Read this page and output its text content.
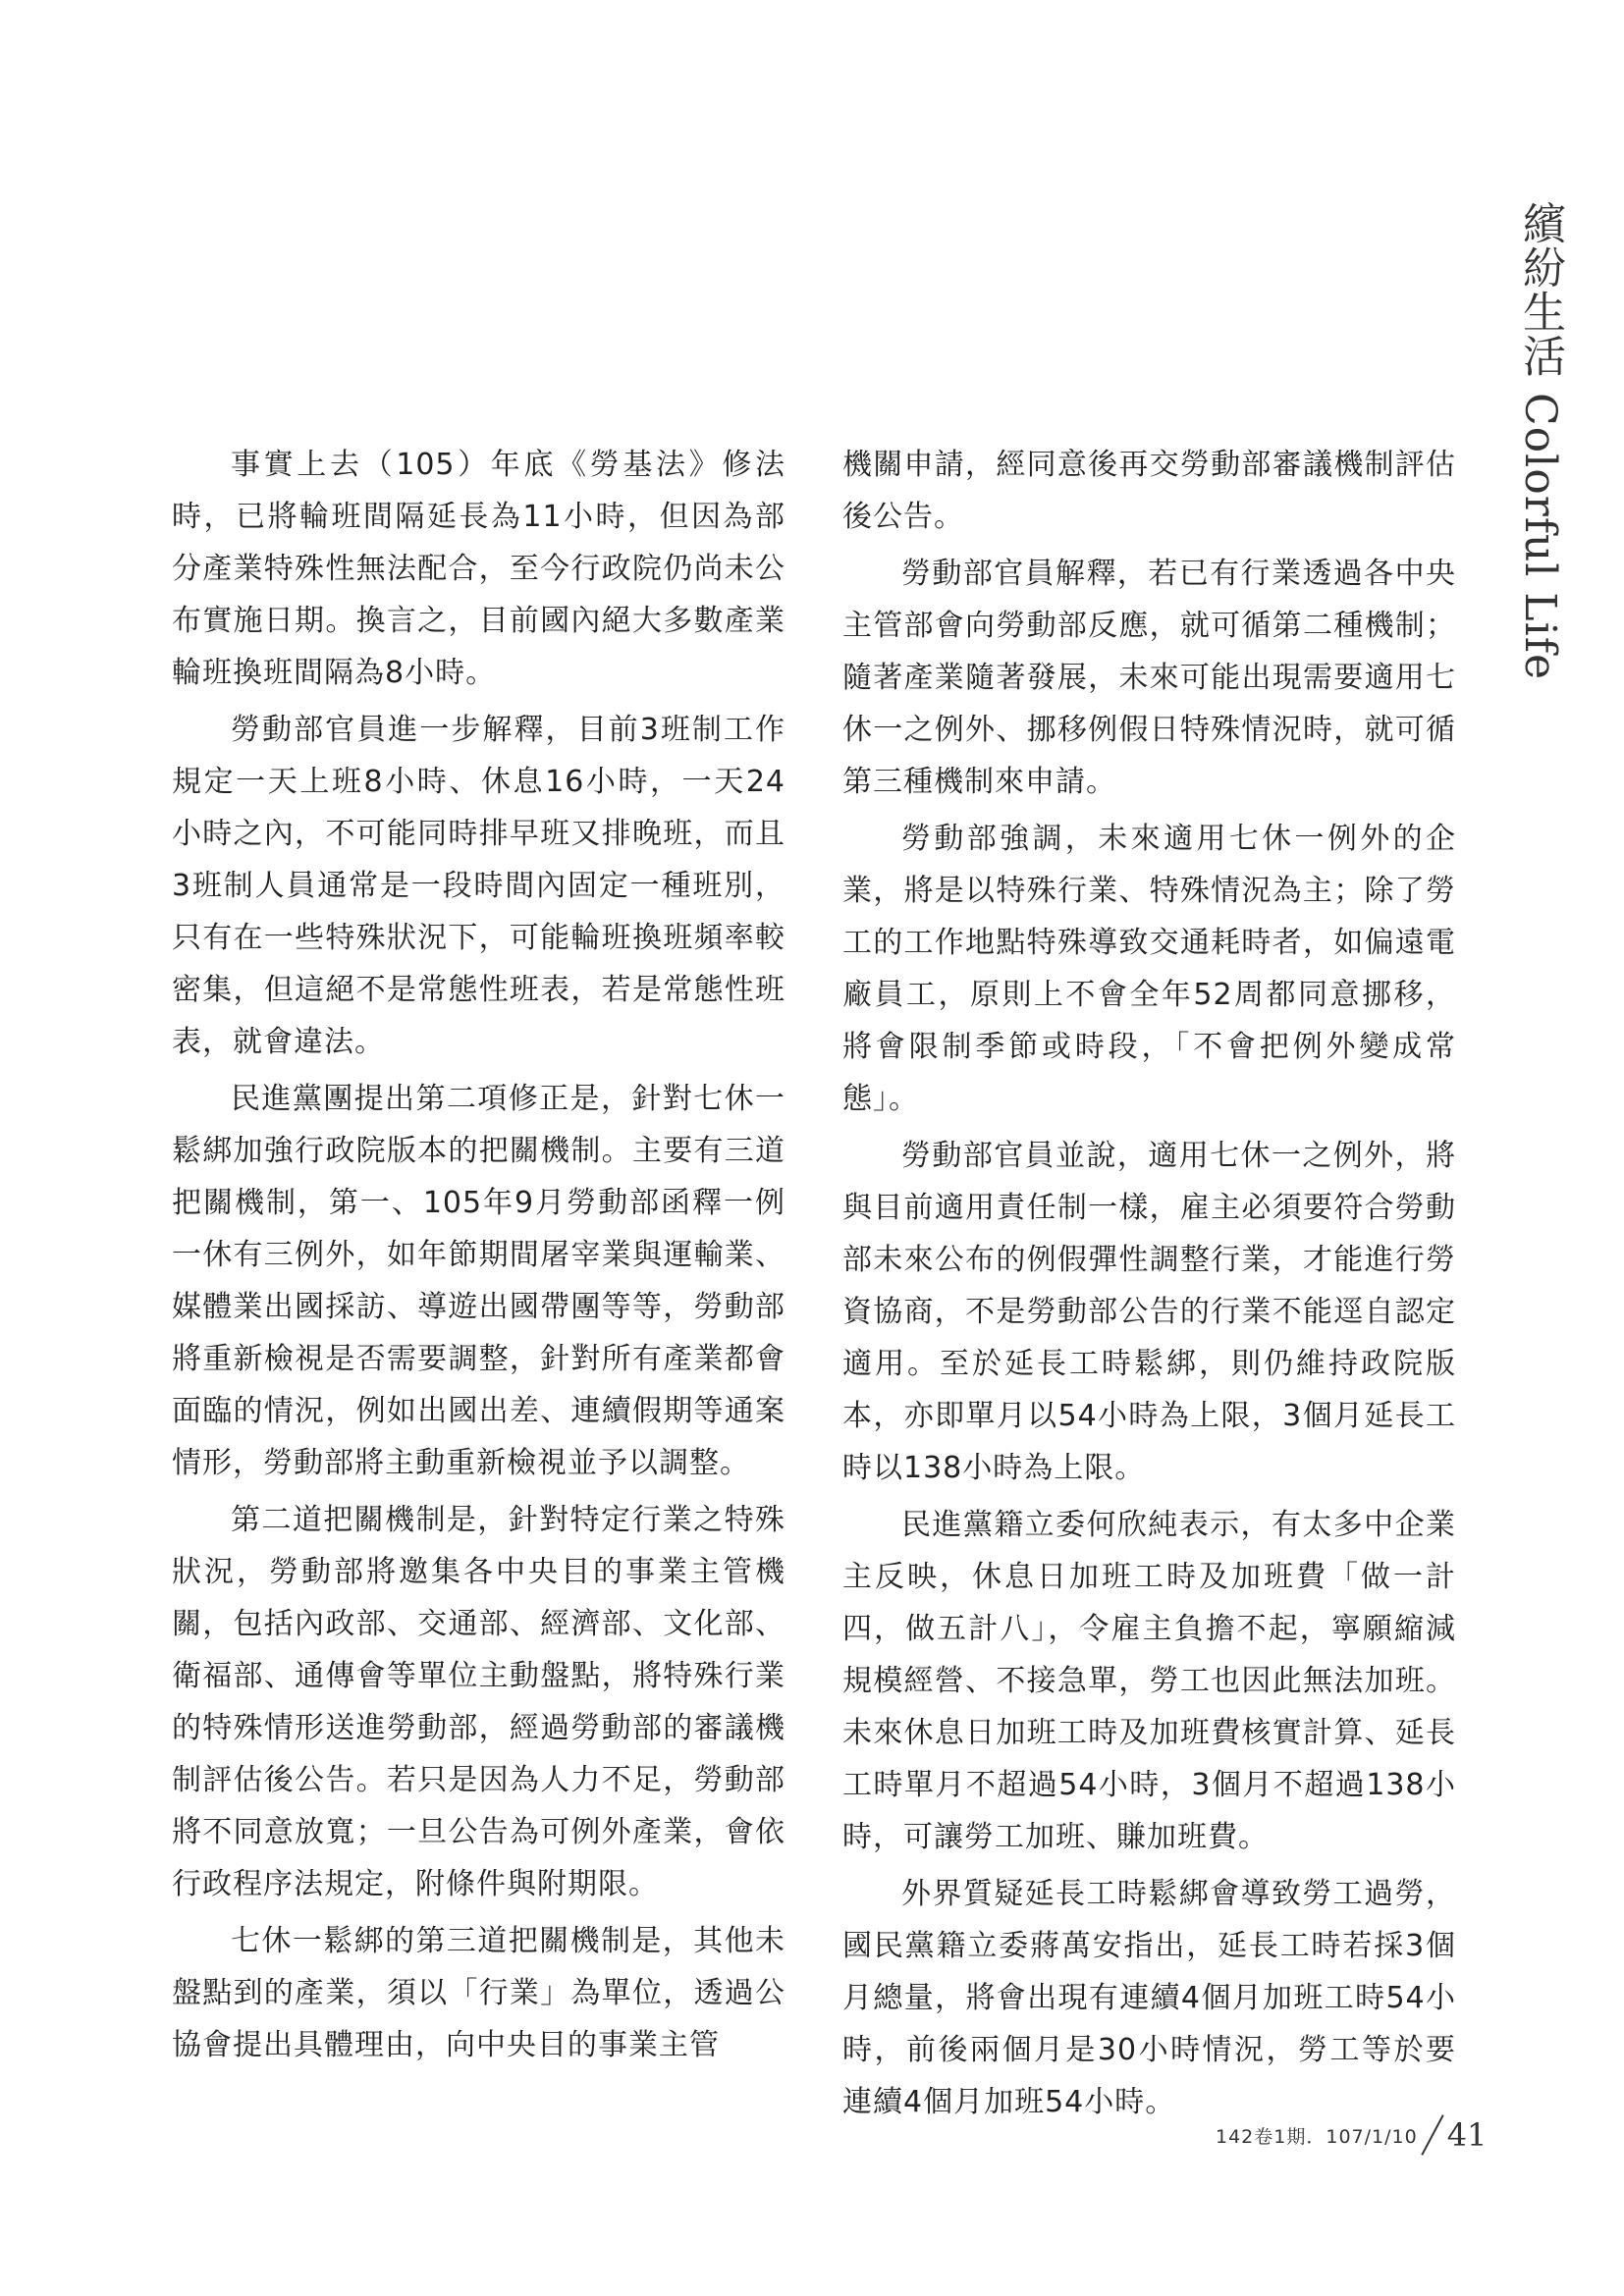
繽紛生活 Colorful Life

事實上去（105）年底《勞基法》修法時，已將輪班間隔延長為11小時，但因為部分產業特殊性無法配合，至今行政院仍尚未公布實施日期。換言之，目前國內絕大多數產業輪班換班間隔為8小時。

勞動部官員進一步解釋，目前3班制工作規定一天上班8小時、休息16小時，一天24小時之內，不可能同時排早班又排晚班，而且3班制人員通常是一段時間內固定一種班別，只有在一些特殊狀況下，可能輪班換班頻率較密集，但這絕不是常態性班表，若是常態性班表，就會違法。

民進黨團提出第二項修正是，針對七休一鬆綁加強行政院版本的把關機制。主要有三道把關機制，第一、105年9月勞動部函釋一例一休有三例外，如年節期間屠宰業與運輸業、媒體業出國採訪、導遊出國帶團等等，勞動部將重新檢視是否需要調整，針對所有產業都會面臨的情況，例如出國出差、連續假期等通案情形，勞動部將主動重新檢視並予以調整。

第二道把關機制是，針對特定行業之特殊狀況，勞動部將邀集各中央目的事業主管機關，包括內政部、交通部、經濟部、文化部、衛福部、通傳會等單位主動盤點，將特殊行業的特殊情形送進勞動部，經過勞動部的審議機制評估後公告。若只是因為人力不足，勞動部將不同意放寬；一旦公告為可例外產業，會依行政程序法規定，附條件與附期限。

七休一鬆綁的第三道把關機制是，其他未盤點到的產業，須以「行業」為單位，透過公協會提出具體理由，向中央目的事業主管

機關申請，經同意後再交勞動部審議機制評估後公告。

勞動部官員解釋，若已有行業透過各中央主管部會向勞動部反應，就可循第二種機制；隨著產業隨著發展，未來可能出現需要適用七休一之例外、挪移例假日特殊情況時，就可循第三種機制來申請。

勞動部強調，未來適用七休一例外的企業，將是以特殊行業、特殊情況為主；除了勞工的工作地點特殊導致交通耗時者，如偏遠電廠員工，原則上不會全年52周都同意挪移，將會限制季節或時段，「不會把例外變成常態」。

勞動部官員並說，適用七休一之例外，將與目前適用責任制一樣，雇主必須要符合勞動部未來公布的例假彈性調整行業，才能進行勞資協商，不是勞動部公告的行業不能逕自認定適用。至於延長工時鬆綁，則仍維持政院版本，亦即單月以54小時為上限，3個月延長工時以138小時為上限。

民進黨籍立委何欣純表示，有太多中企業主反映，休息日加班工時及加班費「做一計四，做五計八」，令雇主負擔不起，寧願縮減規模經營、不接急單，勞工也因此無法加班。未來休息日加班工時及加班費核實計算、延長工時單月不超過54小時，3個月不超過138小時，可讓勞工加班、賺加班費。

外界質疑延長工時鬆綁會導致勞工過勞，國民黨籍立委蔣萬安指出，延長工時若採3個月總量，將會出現有連續4個月加班工時54小時，前後兩個月是30小時情況，勞工等於要連續4個月加班54小時。

142卷1期．107/1/10 41
